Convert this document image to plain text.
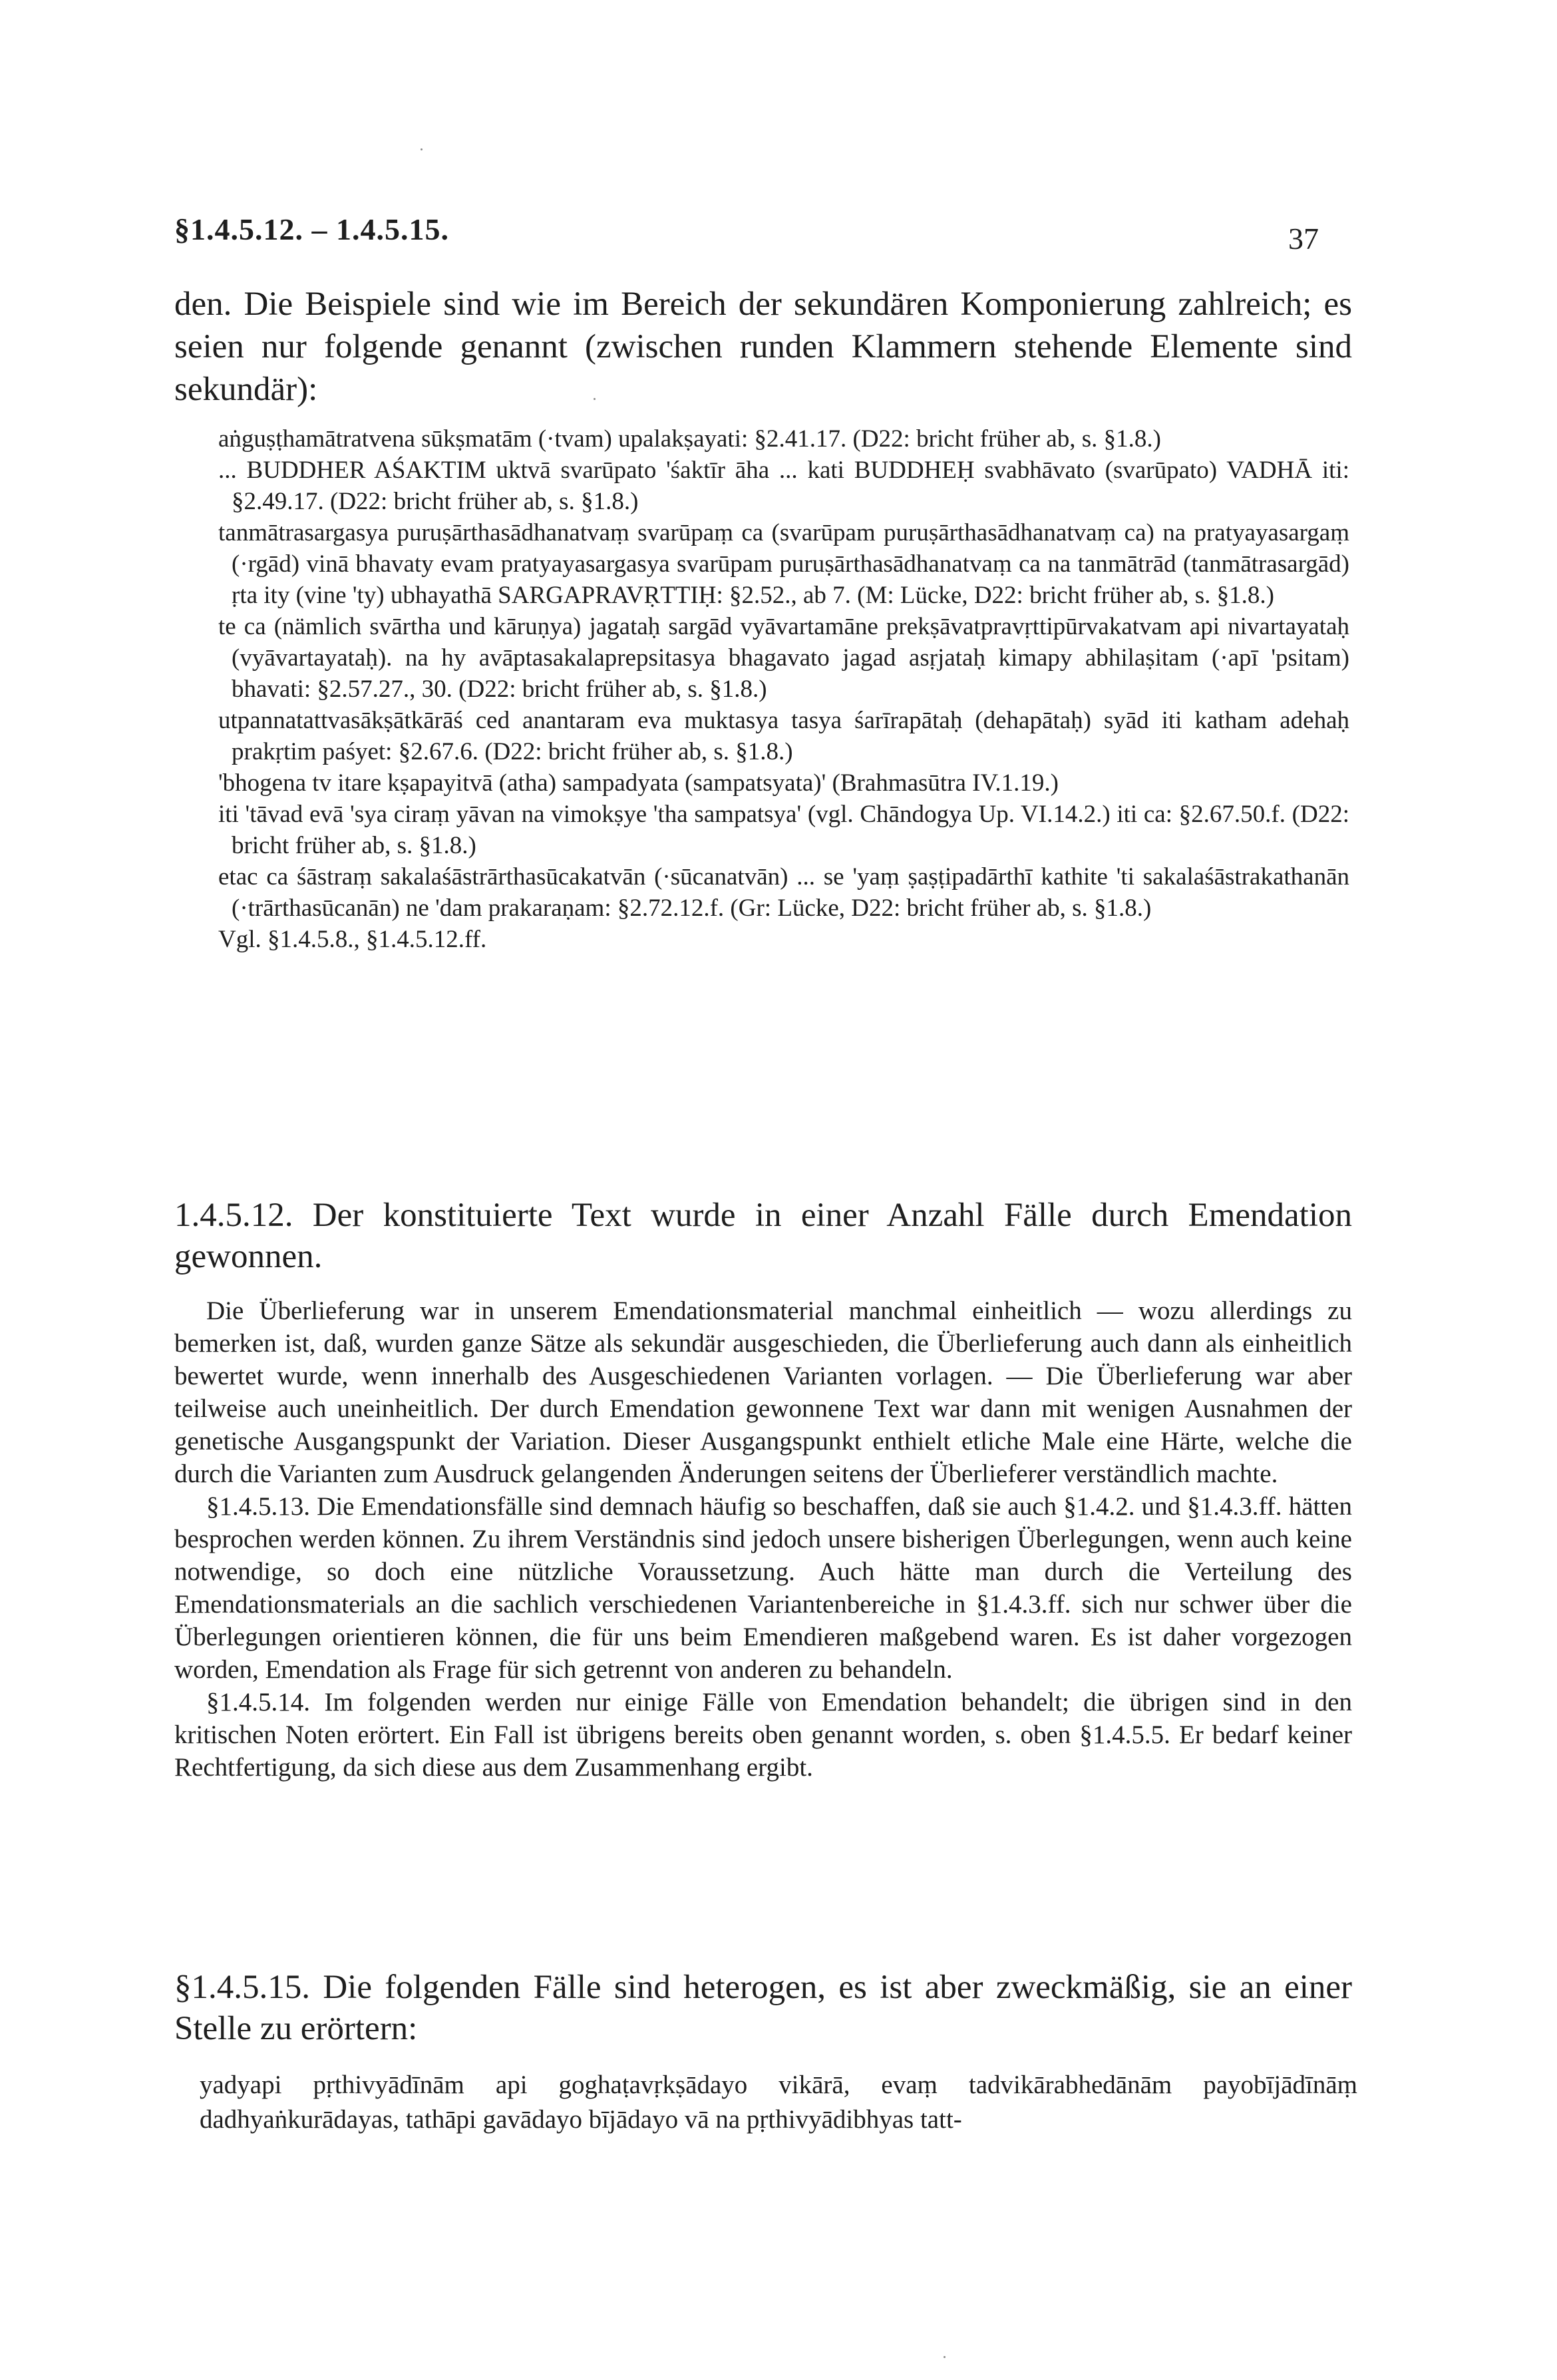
§1.4.5.12. – 1.4.5.15.	37
den. Die Beispiele sind wie im Bereich der sekundären Komponierung zahlreich; es seien nur folgende genannt (zwischen runden Klammern stehende Elemente sind sekundär):

aṅguṣṭhamātratvena sūkṣmatām (·tvam) upalakṣayati: §2.41.17. (D22: bricht früher ab, s. §1.8.)

... BUDDHER AŚAKTIM uktvā svarūpato 'śaktīr āha ... kati BUDDHEḤ svabhāvato (svarūpato) VADHĀ iti: §2.49.17. (D22: bricht früher ab, s. §1.8.)

tanmātrasargasya puruṣārthasādhanatvaṃ svarūpaṃ ca (svarūpam puruṣārthasādhanatvaṃ ca) na pratyayasargaṃ (·rgād) vinā bhavaty evam pratyayasargasya svarūpam puruṣārthasādhanatvaṃ ca na tanmātrād (tanmātrasargād) ṛta ity (vine 'ty) ubhayathā SARGAPRAVṚTTIḤ: §2.52., ab 7. (M: Lücke, D22: bricht früher ab, s. §1.8.)

te ca (nämlich svārtha und kāruṇya) jagataḥ sargād vyāvartamāne prekṣāvatpravṛttipūrvakatvam api nivartayataḥ (vyāvartayataḥ). na hy avāptasakalaprepsitasya bhagavato jagad asṛjataḥ kimapy abhilaṣitam (·apī 'psitam) bhavati: §2.57.27., 30. (D22: bricht früher ab, s. §1.8.)

utpannatattvasākṣātkārāś ced anantaram eva muktasya tasya śarīrapātaḥ (dehapātaḥ) syād iti katham adehaḥ prakṛtim paśyet: §2.67.6. (D22: bricht früher ab, s. §1.8.)

'bhogena tv itare kṣapayitvā (atha) sampadyata (sampatsyata)' (Brahmasūtra IV.1.19.)

iti 'tāvad evā 'sya ciraṃ yāvan na vimokṣye 'tha sampatsya' (vgl. Chāndogya Up. VI.14.2.) iti ca: §2.67.50.f. (D22: bricht früher ab, s. §1.8.)

etac ca śāstraṃ sakalaśāstrārthasūcakatvān (·sūcanatvān) ... se 'yaṃ ṣaṣṭipadārthī kathite 'ti sakalaśāstrakathanān (·trārthasūcanān) ne 'dam prakaraṇam: §2.72.12.f. (Gr: Lücke, D22: bricht früher ab, s. §1.8.)

Vgl. §1.4.5.8., §1.4.5.12.ff.

1.4.5.12. Der konstituierte Text wurde in einer Anzahl Fälle durch Emendation gewonnen.

Die Überlieferung war in unserem Emendationsmaterial manchmal einheitlich — wozu allerdings zu bemerken ist, daß, wurden ganze Sätze als sekundär ausgeschieden, die Überlieferung auch dann als einheitlich bewertet wurde, wenn innerhalb des Ausgeschiedenen Varianten vorlagen. — Die Überlieferung war aber teilweise auch uneinheitlich. Der durch Emendation gewonnene Text war dann mit wenigen Ausnahmen der genetische Ausgangspunkt der Variation. Dieser Ausgangspunkt enthielt etliche Male eine Härte, welche die durch die Varianten zum Ausdruck gelangenden Änderungen seitens der Überlieferer verständlich machte.

§1.4.5.13. Die Emendationsfälle sind demnach häufig so beschaffen, daß sie auch §1.4.2. und §1.4.3.ff. hätten besprochen werden können. Zu ihrem Verständnis sind jedoch unsere bisherigen Überlegungen, wenn auch keine notwendige, so doch eine nützliche Voraussetzung. Auch hätte man durch die Verteilung des Emendationsmaterials an die sachlich verschiedenen Variantenbereiche in §1.4.3.ff. sich nur schwer über die Überlegungen orientieren können, die für uns beim Emendieren maßgebend waren. Es ist daher vorgezogen worden, Emendation als Frage für sich getrennt von anderen zu behandeln.

§1.4.5.14. Im folgenden werden nur einige Fälle von Emendation behandelt; die übrigen sind in den kritischen Noten erörtert. Ein Fall ist übrigens bereits oben genannt worden, s. oben §1.4.5.5. Er bedarf keiner Rechtfertigung, da sich diese aus dem Zusammenhang ergibt.

§1.4.5.15. Die folgenden Fälle sind heterogen, es ist aber zweckmäßig, sie an einer Stelle zu erörtern:
yadyapi pṛthivyādīnām api goghaṭavṛkṣādayo vikārā, evaṃ tadvikārabhedānām payobījādīnāṃ dadhyaṅkurādayas, tathāpi gavādayo bījādayo vā na pṛthivyādibhyas tatt-
